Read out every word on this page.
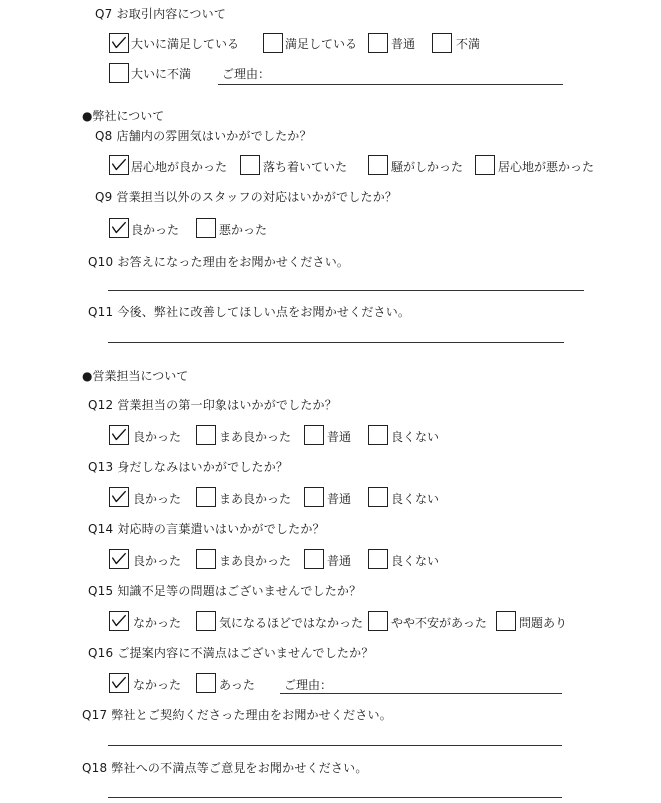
Q7 お取引内容について
大いに満足している	満足している	普通	不満
大いに不満	ご理由：
●弊社について
Q8 店舗内の雰囲気はいかがでしたか？
居心地が良かった	落ち着いていた	騒がしかった	居心地が悪かった
Q9 営業担当以外のスタッフの対応はいかがでしたか？
良かった	悪かった
Q10 お答えになった理由をお聞かせください。
Q11 今後、弊社に改善してほしい点をお聞かせください。
●営業担当について
Q12 営業担当の第一印象はいかがでしたか？
良かった	まあ良かった	普通	良くない
Q13 身だしなみはいかがでしたか？
良かった	まあ良かった	普通	良くない
Q14 対応時の言葉遣いはいかがでしたか？
良かった	まあ良かった	普通	良くない
Q15 知識不足等の問題はございませんでしたか？
なかった	気になるほどではなかった やや不安があった	問題あり
Q16 ご提案内容に不満点はございませんでしたか？
なかった	あった ご理由：
Q17 弊社とご契約くださった理由をお聞かせください。
Q18 弊社への不満点等ご意見をお聞かせください。
